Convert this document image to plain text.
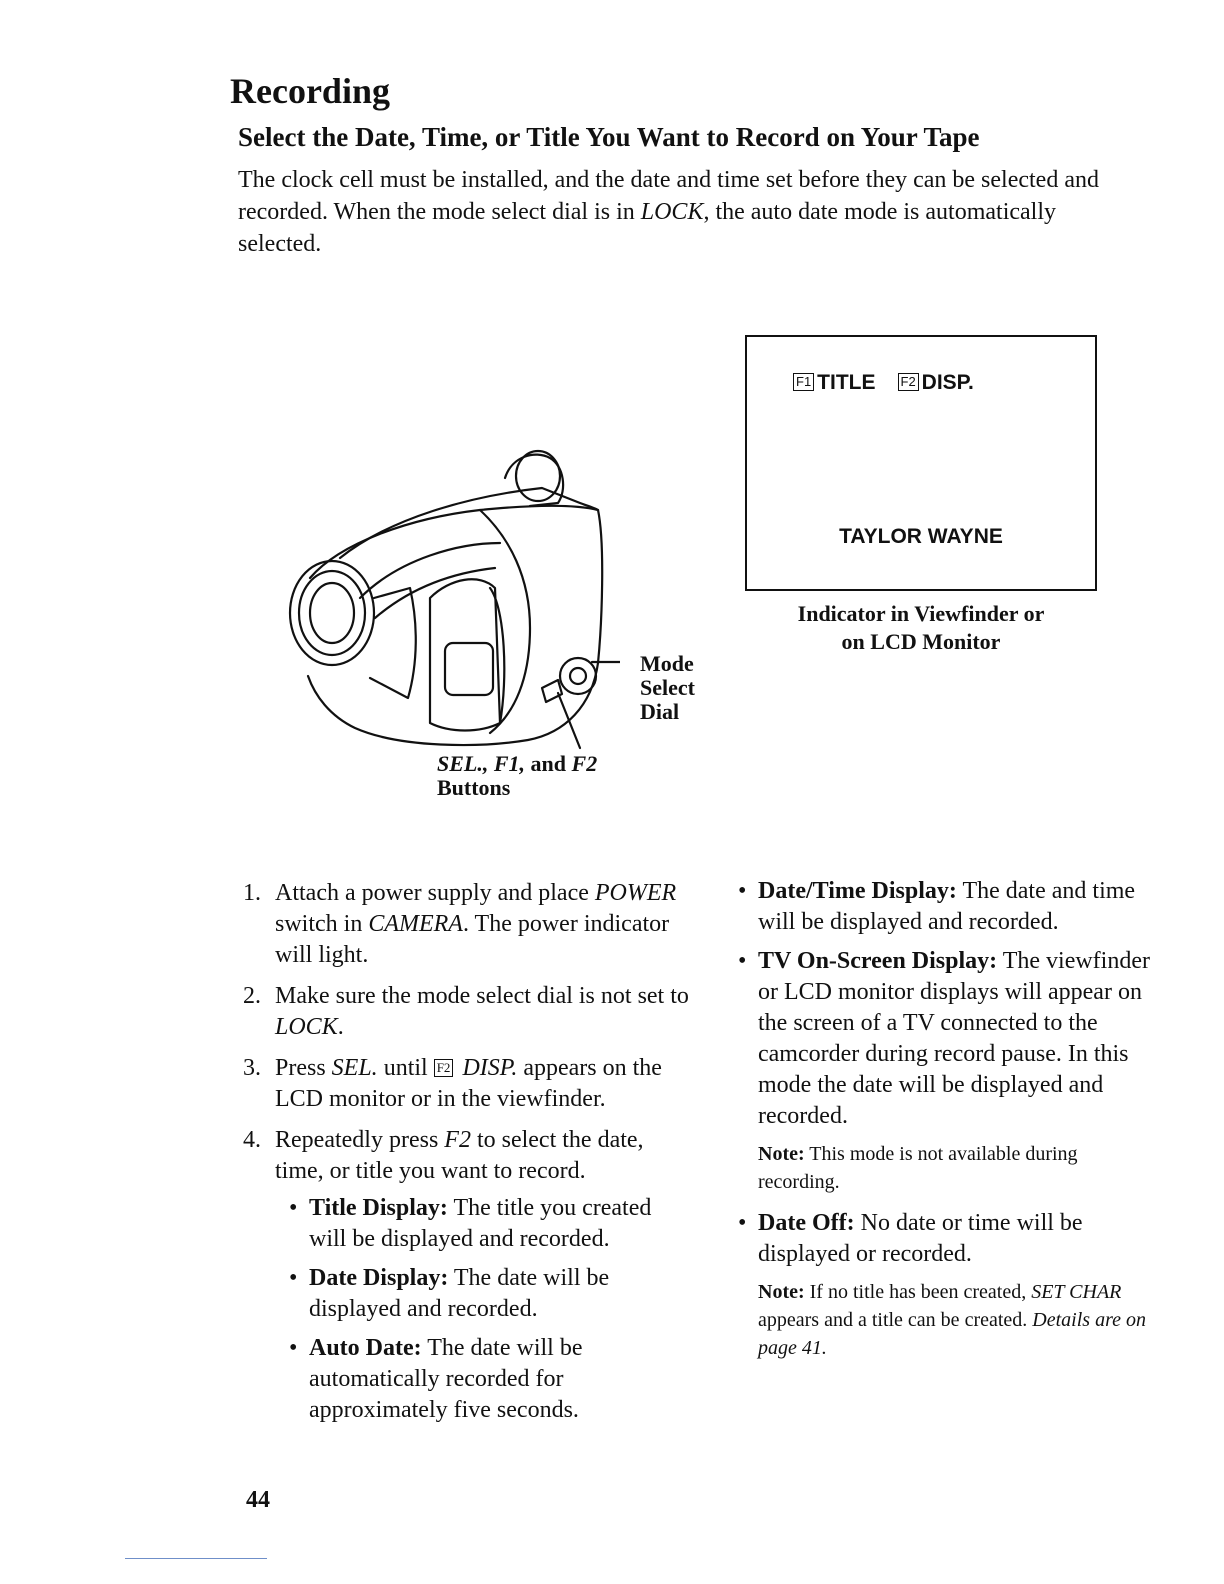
Recording
Select the Date, Time, or Title You Want to Record on Your Tape

The clock cell must be installed, and the date and time set before they can be selected and recorded. When the mode select dial is in LOCK, the auto date mode is automatically selected.

Mode
Select
Dial
SEL., F1, and F2
Buttons
F1 TITLE F2 DISP.
TAYLOR WAYNE
Indicator in Viewfinder or
on LCD Monitor
1. Attach a power supply and place POWER switch in CAMERA. The power indicator will light.
2. Make sure the mode select dial is not set to LOCK.
3. Press SEL. until F2 DISP. appears on the LCD monitor or in the viewfinder.
4. Repeatedly press F2 to select the date, time, or title you want to record.
• Title Display: The title you created will be displayed and recorded.
• Date Display: The date will be displayed and recorded.
• Auto Date: The date will be automatically recorded for approximately five seconds.
• Date/Time Display: The date and time will be displayed and recorded.
• TV On-Screen Display: The viewfinder or LCD monitor displays will appear on the screen of a TV connected to the camcorder during record pause. In this mode the date will be displayed and recorded.
Note: This mode is not available during recording.
• Date Off: No date or time will be displayed or recorded.
Note: If no title has been created, SET CHAR appears and a title can be created. Details are on page 41.
44
